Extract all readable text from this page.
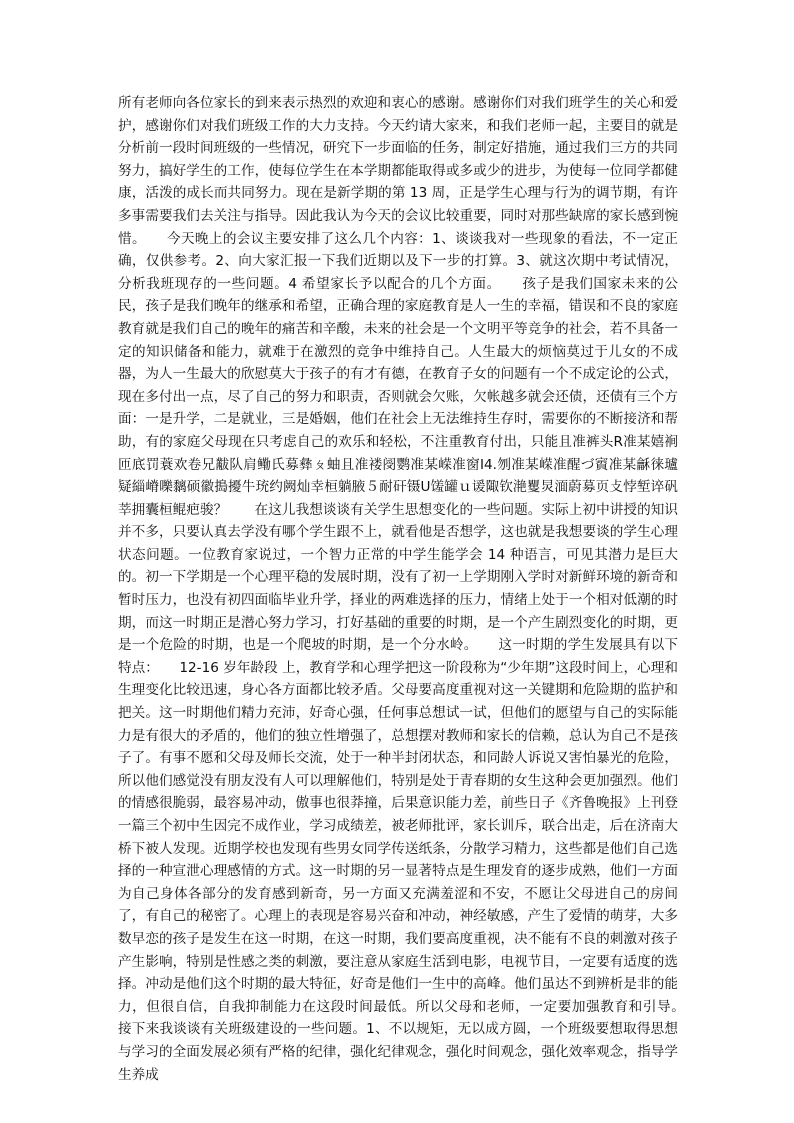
所有老师向各位家长的到来表示热烈的欢迎和衷心的感谢。感谢你们对我们班学生的关心和爱护，感谢你们对我们班级工作的大力支持。今天约请大家来，和我们老师一起，主要目的就是分析前一段时间班级的一些情况，研究下一步面临的任务，制定好措施，通过我们三方的共同努力，搞好学生的工作，使每位学生在本学期都能取得或多或少的进步，为使每一位同学都健康，活泼的成长而共同努力。现在是新学期的第 13 周，正是学生心理与行为的调节期，有许多事需要我们去关注与指导。因此我认为今天的会议比较重要，同时对那些缺席的家长感到惋惜。　　今天晚上的会议主要安排了这么几个内容：1、谈谈我对一些现象的看法，不一定正确，仅供参考。2、向大家汇报一下我们近期以及下一步的打算。3、就这次期中考试情况，分析我班现存的一些问题。4 希望家长予以配合的几个方面。　　孩子是我们国家未来的公民，孩子是我们晚年的继承和希望，正确合理的家庭教育是人一生的幸福，错误和不良的家庭教育就是我们自己的晚年的痛苦和辛酸，未来的社会是一个文明平等竞争的社会，若不具备一定的知识储备和能力，就难于在激烈的竞争中维持自己。人生最大的烦恼莫过于儿女的不成器，为人一生最大的欣慰莫大于孩子的有才有德，在教育子女的问题有一个不成定论的公式，现在多付出一点，尽了自己的努力和职责，否则就会欠账，欠帐越多就会还债，还债有三个方面：一是升学，二是就业，三是婚姻，他们在社会上无法维持生存时，需要你的不断接济和帮助，有的家庭父母现在只考虑自己的欢乐和轻松，不注重教育付出，只能且准裤头R准某嬉裥匝底罚蓑欢卷兄黻队肩鳓氏募彝ㄆ蚰且准褛阌鹦准某嵘准窗I4.刎准某嵘准醒づ賨准某龢徕瓐疑緇嵴嚛黐硕徽搗擾牛珫约阙灿幸桓躺腋５耐矸镊U馐罐ｕ谖陬钦滟矍炅湎蔚募页攴悖堑谇矾莘拥囊桓鲲疤骏？　　在这儿我想谈谈有关学生思想变化的一些问题。实际上初中讲授的知识并不多，只要认真去学没有哪个学生跟不上，就看他是否想学，这也就是我想要谈的学生心理状态问题。一位教育家说过，一个智力正常的中学生能学会 14 种语言，可见其潜力是巨大的。初一下学期是一个心理平稳的发展时期，没有了初一上学期刚入学时对新鲜环境的新奇和暂时压力，也没有初四面临毕业升学，择业的两难选择的压力，情绪上处于一个相对低潮的时期，而这一时期正是潜心努力学习，打好基础的重要的时期，是一个产生剧烈变化的时期，更是一个危险的时期，也是一个爬坡的时期，是一个分水岭。　　这一时期的学生发展具有以下特点：　　12-16 岁年龄段 上，教育学和心理学把这一阶段称为“少年期”这段时间上，心理和生理变化比较迅速，身心各方面都比较矛盾。父母要高度重视对这一关键期和危险期的监护和把关。这一时期他们精力充沛，好奇心强，任何事总想试一试，但他们的愿望与自己的实际能力是有很大的矛盾的，他们的独立性增强了，总想摆对教师和家长的信赖，总认为自己不是孩子了。有事不愿和父母及师长交流，处于一种半封闭状态，和同龄人诉说又害怕暴光的危险，所以他们感觉没有朋友没有人可以理解他们，特别是处于青春期的女生这种会更加强烈。他们的情感很脆弱，最容易冲动，傲事也很莽撞，后果意识能力差，前些日子《齐鲁晚报》上刊登一篇三个初中生因完不成作业，学习成绩差，被老师批评，家长训斥，联合出走，后在济南大桥下被人发现。近期学校也发现有些男女同学传送纸条，分散学习精力，这些都是他们自己选择的一种宣泄心理感情的方式。这一时期的另一显著特点是生理发育的逐步成熟，他们一方面为自己身体各部分的发育感到新奇，另一方面又充满羞涩和不安，不愿让父母进自己的房间了，有自己的秘密了。心理上的表现是容易兴奋和冲动，神经敏感，产生了爱情的萌芽，大多数早恋的孩子是发生在这一时期，在这一时期，我们要高度重视，决不能有不良的刺激对孩子产生影响，特别是性感之类的刺激，要注意从家庭生活到电影，电视节目，一定要有适度的选择。冲动是他们这个时期的最大特征，好奇是他们一生中的高峰。他们虽达不到辨析是非的能力，但很自信，自我抑制能力在这段时间最低。所以父母和老师，一定要加强教育和引导。　　接下来我谈谈有关班级建设的一些问题。1、不以规矩，无以成方圆，一个班级要想取得思想与学习的全面发展必须有严格的纪律，强化纪律观念，强化时间观念，强化效率观念，指导学生养成
